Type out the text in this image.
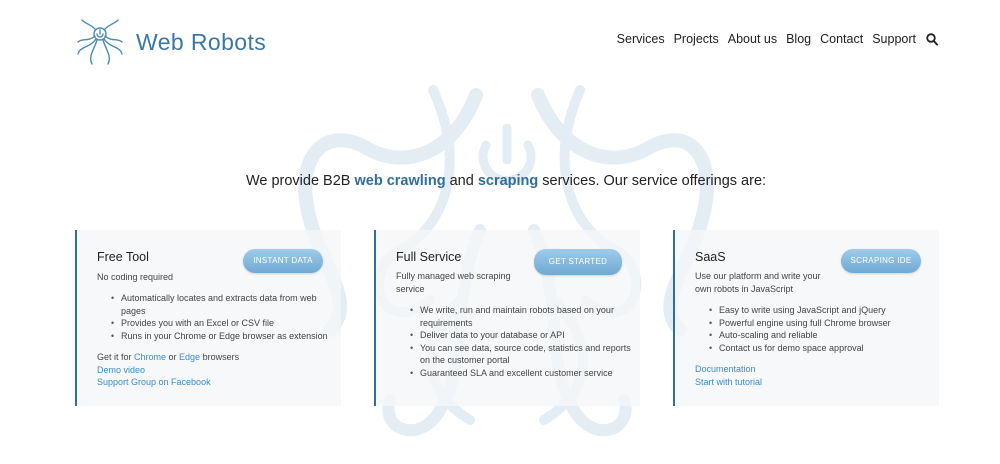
Web Robots	Services Projects About us Blog Contact Support

We provide B2B web crawling and scraping services. Our service offerings are:

Free Tool	INSTANT DATA
No coding required
• Automatically locates and extracts data from web pages
• Provides you with an Excel or CSV file
• Runs in your Chrome or Edge browser as extension
Get it for Chrome or Edge browsers
Demo video
Support Group on Facebook
Full Service	GET STARTED
Fully managed web scraping service
• We write, run and maintain robots based on your requirements
• Deliver data to your database or API
• You can see data, source code, statistics and reports on the customer portal
• Guaranteed SLA and excellent customer service
SaaS	SCRAPING IDE
Use our platform and write your own robots in JavaScript
• Easy to write using JavaScript and jQuery
• Powerful engine using full Chrome browser
• Auto-scaling and reliable
• Contact us for demo space approval
Documentation
Start with tutorial
